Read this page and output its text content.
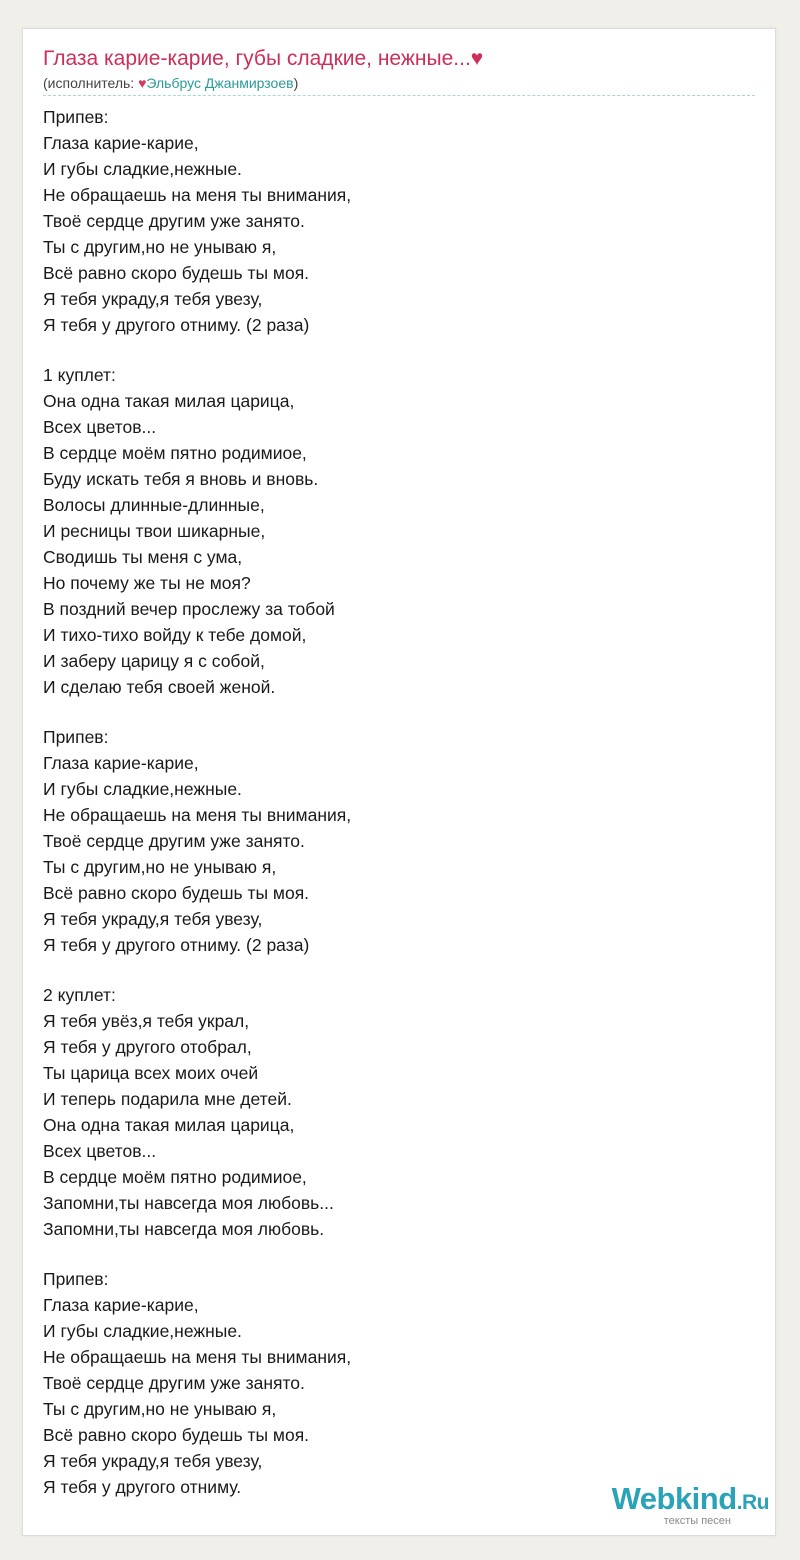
Глаза карие-карие, губы сладкие, нежные...♥
(исполнитель: ♥Эльбрус Джанмирзоев)
Припев:
Глаза карие-карие,
И губы сладкие,нежные.
Не обращаешь на меня ты внимания,
Твоё сердце другим уже занято.
Ты с другим,но не унываю я,
Всё равно скоро будешь ты моя.
Я тебя украду,я тебя увезу,
Я тебя у другого отниму. (2 раза)
1 куплет:
Она одна такая милая царица,
Всех цветов...
В сердце моём пятно родимиое,
Буду искать тебя я вновь и вновь.
Волосы длинные-длинные,
И ресницы твои шикарные,
Сводишь ты меня с ума,
Но почему же ты не моя?
В поздний вечер прослежу за тобой
И тихо-тихо войду к тебе домой,
И заберу царицу я с собой,
И сделаю тебя своей женой.
Припев:
Глаза карие-карие,
И губы сладкие,нежные.
Не обращаешь на меня ты внимания,
Твоё сердце другим уже занято.
Ты с другим,но не унываю я,
Всё равно скоро будешь ты моя.
Я тебя украду,я тебя увезу,
Я тебя у другого отниму. (2 раза)
2 куплет:
Я тебя увёз,я тебя украл,
Я тебя у другого отобрал,
Ты царица всех моих очей
И теперь подарила мне детей.
Она одна такая милая царица,
Всех цветов...
В сердце моём пятно родимиое,
Запомни,ты навсегда моя любовь...
Запомни,ты навсегда моя любовь.
Припев:
Глаза карие-карие,
И губы сладкие,нежные.
Не обращаешь на меня ты внимания,
Твоё сердце другим уже занято.
Ты с другим,но не унываю я,
Всё равно скоро будешь ты моя.
Я тебя украду,я тебя увезу,
Я тебя у другого отниму.	Webkind.Ru
тексты песен
